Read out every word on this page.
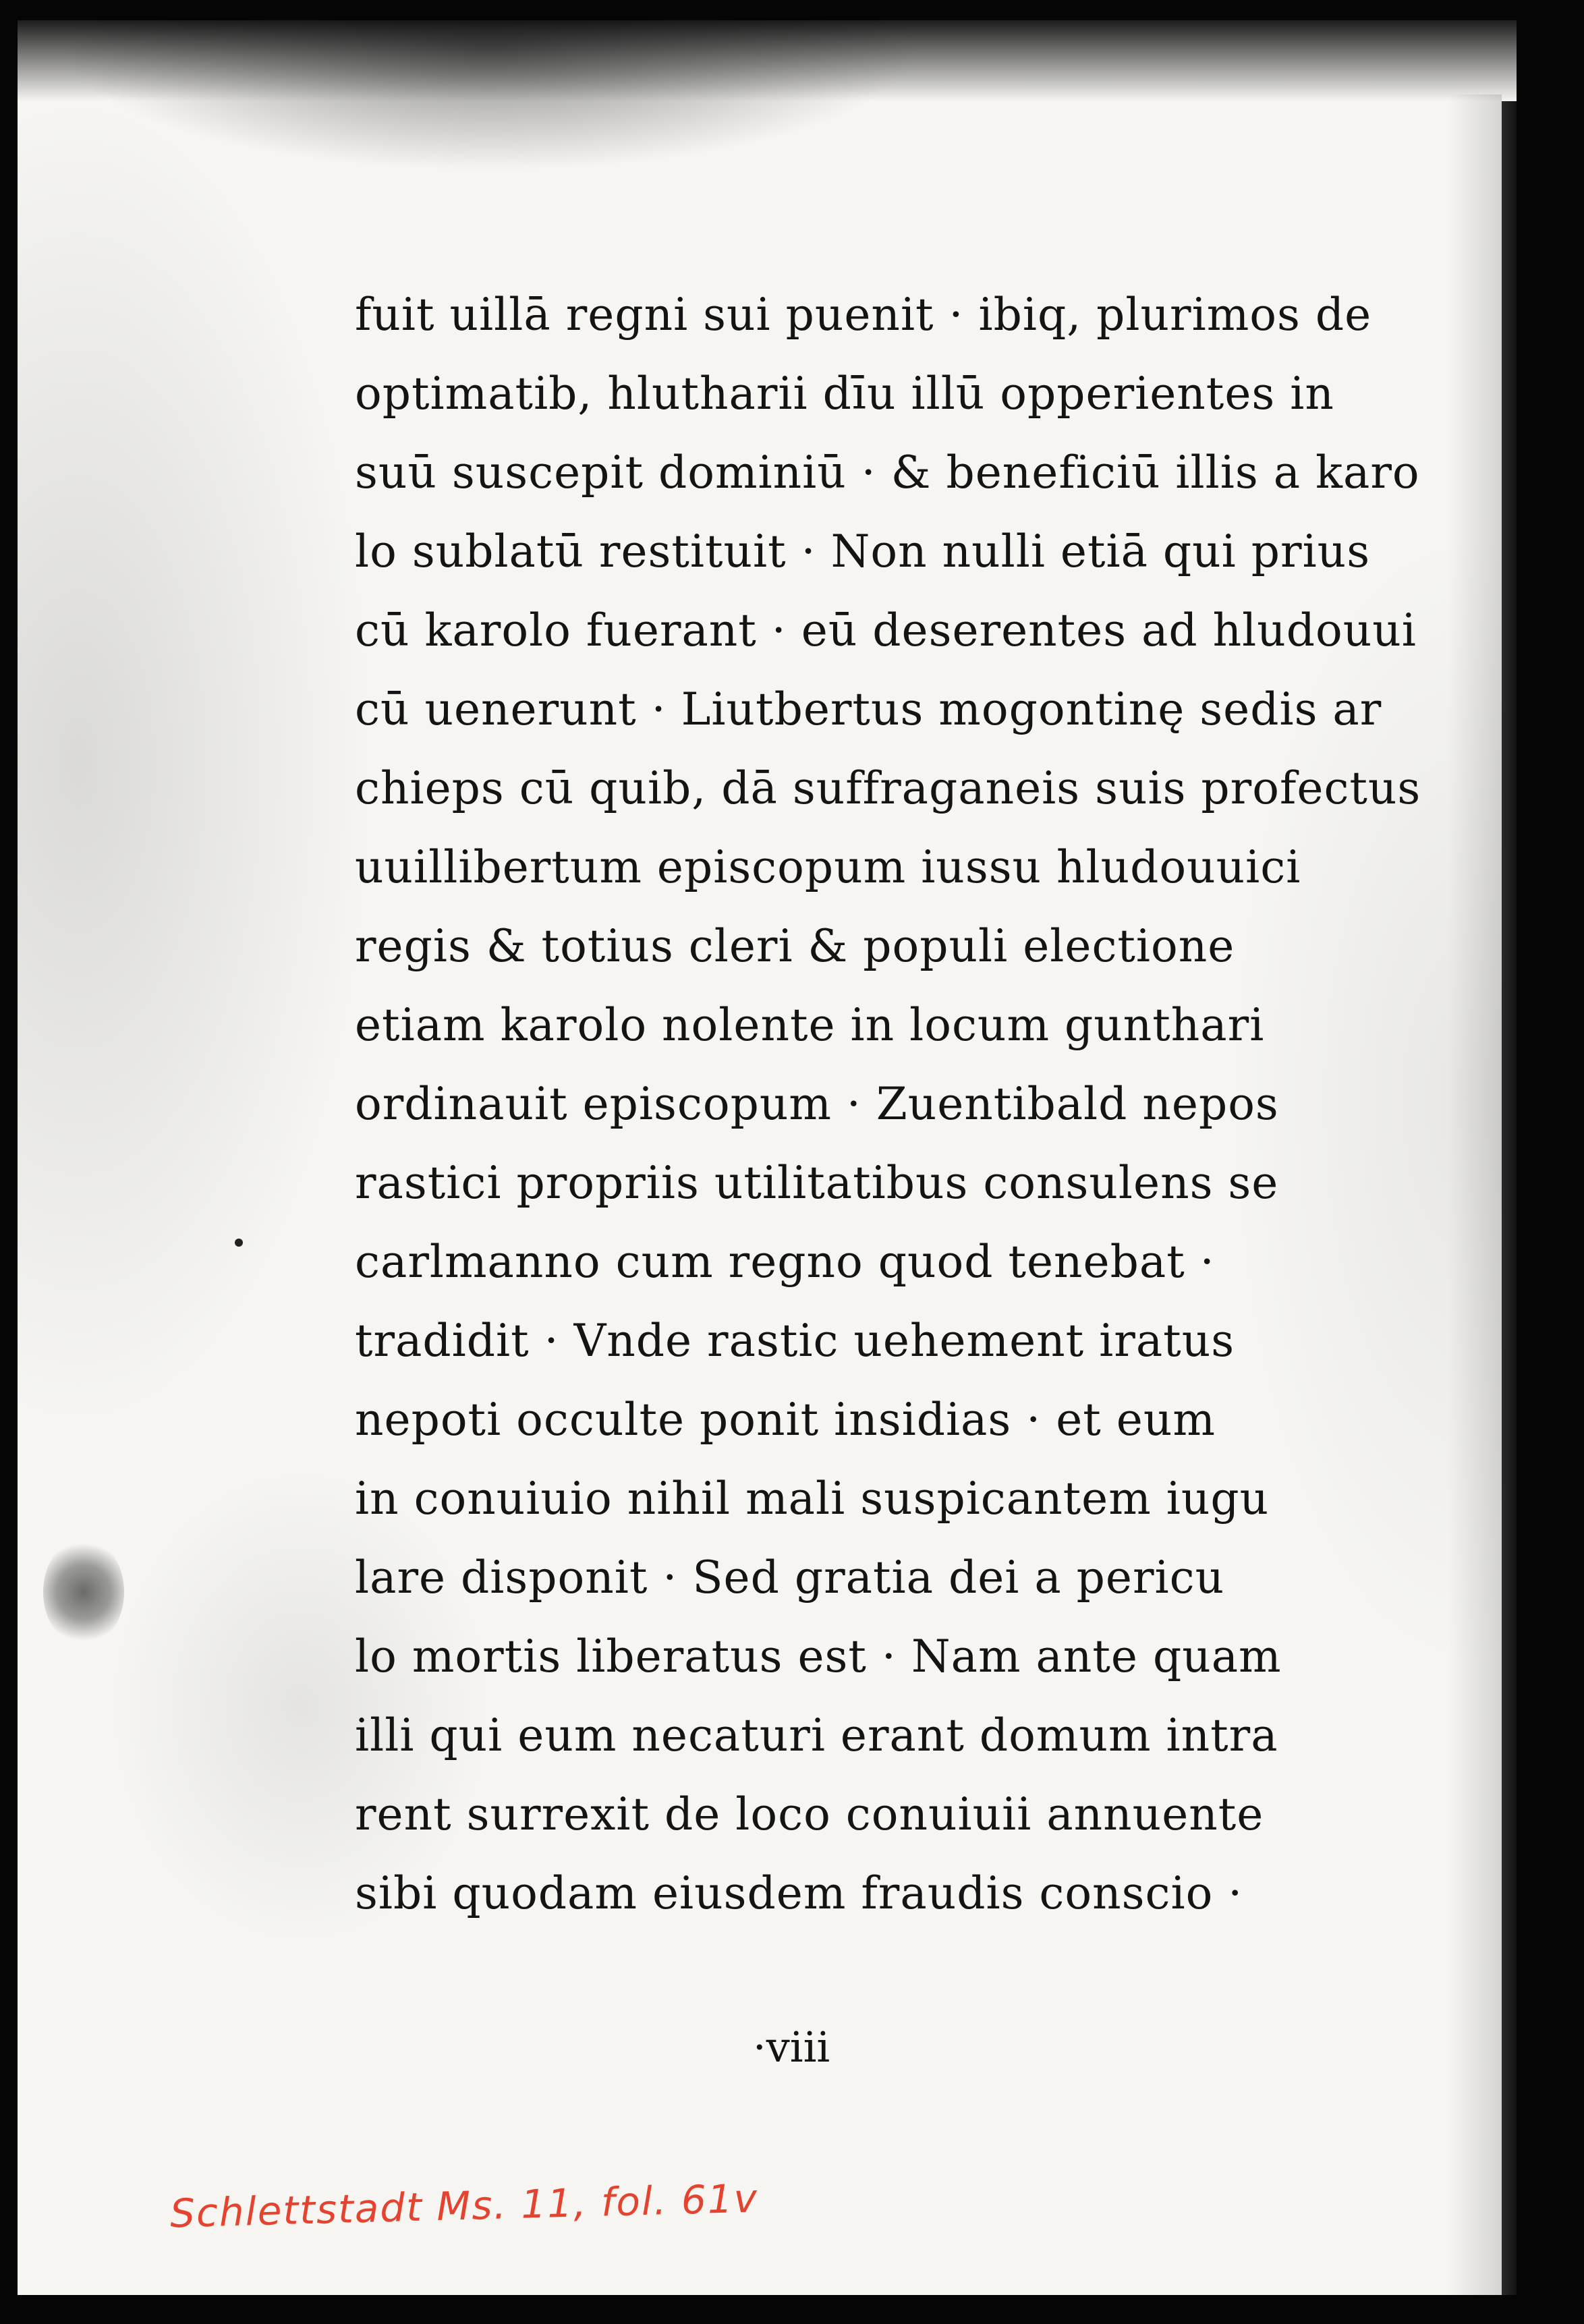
fuit uillā regni sui puenit · ibiq, plurimos de
optimatib, hlutharii dīu illū opperientes in
suū suscepit dominiū · & beneficiū illis a karo
lo sublatū restituit · Non nulli etiā qui prius
cū karolo fuerant · eū deserentes ad hludouui
cū uenerunt · Liutbertus mogontinę sedis ar
chieps cū quib, dā suffraganeis suis profectus
uuillibertum episcopum iussu hludouuici
regis & totius cleri & populi electione
etiam karolo nolente in locum gunthari
ordinauit episcopum · Zuentibald nepos
rastici propriis utilitatibus consulens se
carlmanno cum regno quod tenebat ·
tradidit · Vnde rastic uehement iratus
nepoti occulte ponit insidias · et eum
in conuiuio nihil mali suspicantem iugu
lare disponit · Sed gratia dei a pericu
lo mortis liberatus est · Nam ante quam
illi qui eum necaturi erant domum intra
rent surrexit de loco conuiuii annuente
sibi quodam eiusdem fraudis conscio ·
·viii
Schlettstadt Ms. 11, fol. 61v
